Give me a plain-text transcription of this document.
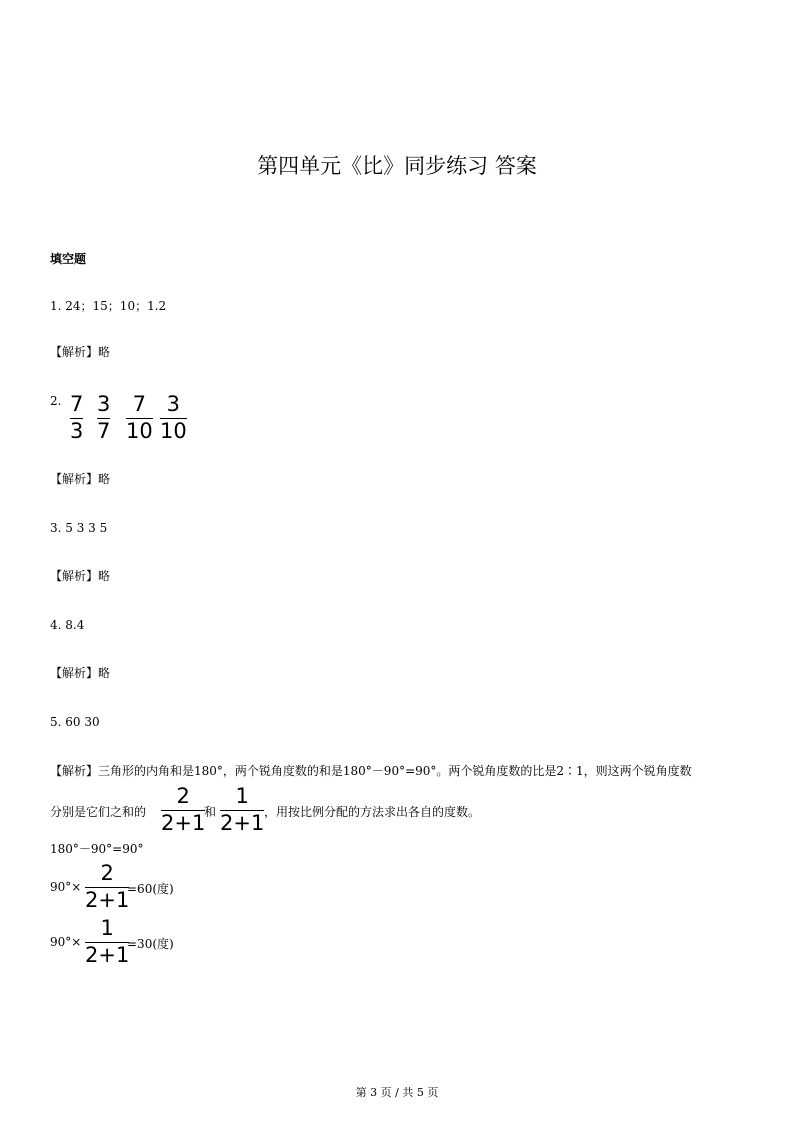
第四单元《比》同步练习 答案
填空题
1. 24；15；10；1.2
【解析】略
2. 7
3
3
7
7
10
3
10
【解析】略
3. 5 3 3 5
【解析】略
4. 8.4
【解析】略
5. 60 30
【解析】三角形的内角和是180°，两个锐角度数的和是180°－90°=90°。两个锐角度数的比是2∶1，则这两个锐角度数
分别是它们之和的
2
2+1
和
1
2+1 ，用按比例分配的方法求出各自的度数。
180°－90°=90°
90°×
2
2+1
=60(度)
90°×
1
2+1
=30(度)
第 3 页 / 共 5 页
